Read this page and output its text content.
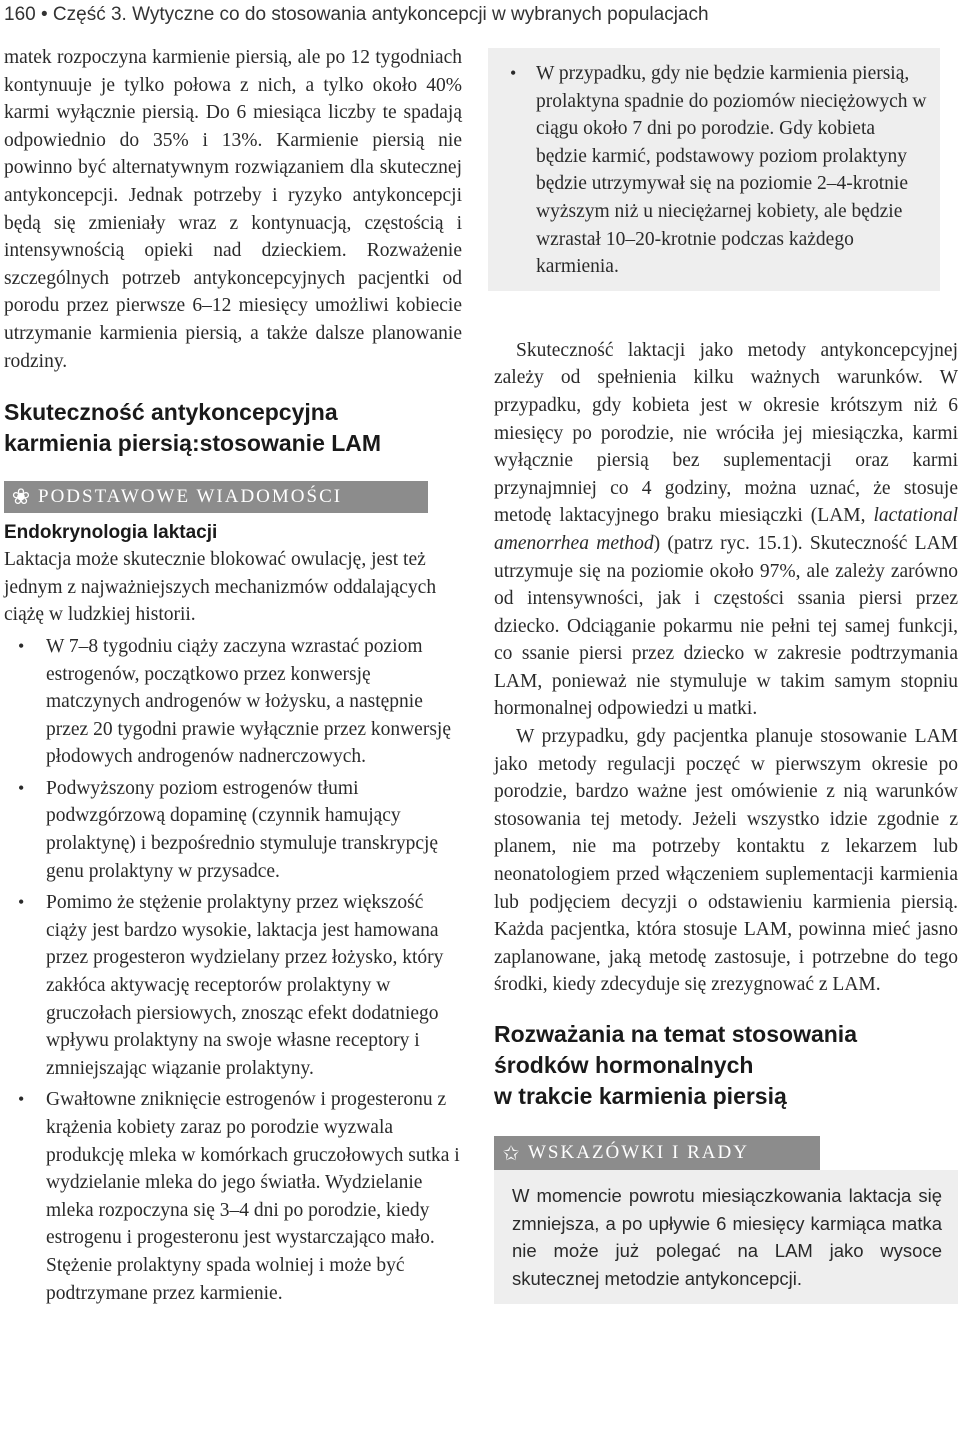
160 • Część 3. Wytyczne co do stosowania antykoncepcji w wybranych populacjach

matek rozpoczyna karmienie piersią, ale po 12 tygodniach kontynuuje je tylko połowa z nich, a tylko około 40% karmi wyłącznie piersią. Do 6 miesiąca liczby te spadają odpowiednio do 35% i 13%. Karmienie piersią nie powinno być alternatywnym rozwiązaniem dla skutecznej antykoncepcji. Jednak potrzeby i ryzyko antykoncepcji będą się zmieniały wraz z kontynuacją, częstością i intensywnością opieki nad dzieckiem. Rozważenie szczególnych potrzeb antykoncepcyjnych pacjentki od porodu przez pierwsze 6–12 miesięcy umożliwi kobiecie utrzymanie karmienia piersią, a także dalsze planowanie rodziny.

Skuteczność antykoncepcyjna
karmienia piersią:stosowanie LAM
❀ PODSTAWOWE WIADOMOŚCI
Endokrynologia laktacji

Laktacja może skutecznie blokować owulację, jest też jednym z najważniejszych mechanizmów oddalających ciążę w ludzkiej historii.

• W 7–8 tygodniu ciąży zaczyna wzrastać poziom estrogenów, początkowo przez konwersję matczynych androgenów w łożysku, a następnie przez 20 tygodni prawie wyłącznie przez konwersję płodowych androgenów nadnerczowych.
• Podwyższony poziom estrogenów tłumi podwzgórzową dopaminę (czynnik hamujący prolaktynę) i bezpośrednio stymuluje transkrypcję genu prolaktyny w przysadce.
• Pomimo że stężenie prolaktyny przez większość ciąży jest bardzo wysokie, laktacja jest hamowana przez progesteron wydzielany przez łożysko, który zakłóca aktywację receptorów prolaktyny w gruczołach piersiowych, znosząc efekt dodatniego wpływu prolaktyny na swoje własne receptory i zmniejszając wiązanie prolaktyny.
• Gwałtowne zniknięcie estrogenów i progesteronu z krążenia kobiety zaraz po porodzie wyzwala produkcję mleka w komórkach gruczołowych sutka i wydzielanie mleka do jego światła. Wydzielanie mleka rozpoczyna się 3–4 dni po porodzie, kiedy estrogenu i progesteronu jest wystarczająco mało. Stężenie prolaktyny spada wolniej i może być podtrzymane przez karmienie.
• W przypadku, gdy nie będzie karmienia piersią, prolaktyna spadnie do poziomów nieciężowych w ciągu około 7 dni po porodzie. Gdy kobieta będzie karmić, podstawowy poziom prolaktyny będzie utrzymywał się na poziomie 2–4-krotnie wyższym niż u nieciężarnej kobiety, ale będzie wzrastał 10–20-krotnie podczas każdego karmienia.

Skuteczność laktacji jako metody antykoncepcyjnej zależy od spełnienia kilku ważnych warunków. W przypadku, gdy kobieta jest w okresie krótszym niż 6 miesięcy po porodzie, nie wróciła jej miesiączka, karmi wyłącznie piersią bez suplementacji oraz karmi przynajmniej co 4 godziny, można uznać, że stosuje metodę laktacyjnego braku miesiączki (LAM, lactational amenorrhea method) (patrz ryc. 15.1). Skuteczność LAM utrzymuje się na poziomie około 97%, ale zależy zarówno od intensywności, jak i częstości ssania piersi przez dziecko. Odciąganie pokarmu nie pełni tej samej funkcji, co ssanie piersi przez dziecko w zakresie podtrzymania LAM, ponieważ nie stymuluje w takim samym stopniu hormonalnej odpowiedzi u matki.

W przypadku, gdy pacjentka planuje stosowanie LAM jako metody regulacji poczęć w pierwszym okresie po porodzie, bardzo ważne jest omówienie z nią warunków stosowania tej metody. Jeżeli wszystko idzie zgodnie z planem, nie ma potrzeby kontaktu z lekarzem lub neonatologiem przed włączeniem suplementacji karmienia lub podjęciem decyzji o odstawieniu karmienia piersią. Każda pacjentka, która stosuje LAM, powinna mieć jasno zaplanowane, jaką metodę zastosuje, i potrzebne do tego środki, kiedy zdecyduje się zrezygnować z LAM.

Rozważania na temat stosowania
środków hormonalnych
w trakcie karmienia piersią
✩ WSKAZÓWKI I RADY
W momencie powrotu miesiączkowania laktacja się zmniejsza, a po upływie 6 miesięcy karmiąca matka nie może już polegać na LAM jako wysoce skutecznej metodzie antykoncepcji.
